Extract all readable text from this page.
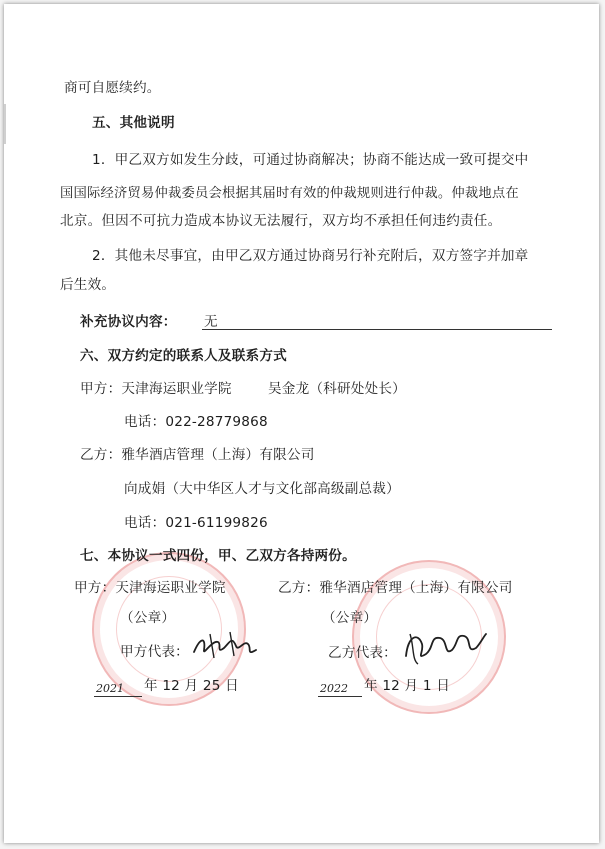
商可自愿续约。
五、其他说明
1．甲乙双方如发生分歧，可通过协商解决；协商不能达成一致可提交中
国国际经济贸易仲裁委员会根据其届时有效的仲裁规则进行仲裁。仲裁地点在
北京。但因不可抗力造成本协议无法履行，双方均不承担任何违约责任。
2．其他未尽事宜，由甲乙双方通过协商另行补充附后，双方签字并加章
后生效。
补充协议内容： 无
六、双方约定的联系人及联系方式
甲方：天津海运职业学院	吴金龙（科研处处长）
电话：022-28779868
乙方：雅华酒店管理（上海）有限公司
向成娟（大中华区人才与文化部高级副总裁）
电话：021-61199826
七、本协议一式四份，甲、乙双方各持两份。
甲方：天津海运职业学院	乙方：雅华酒店管理（上海）有限公司
（公章）	（公章）
甲方代表：	乙方代表：
2021 年 12 月 25 日	2022 年 12 月 1 日
